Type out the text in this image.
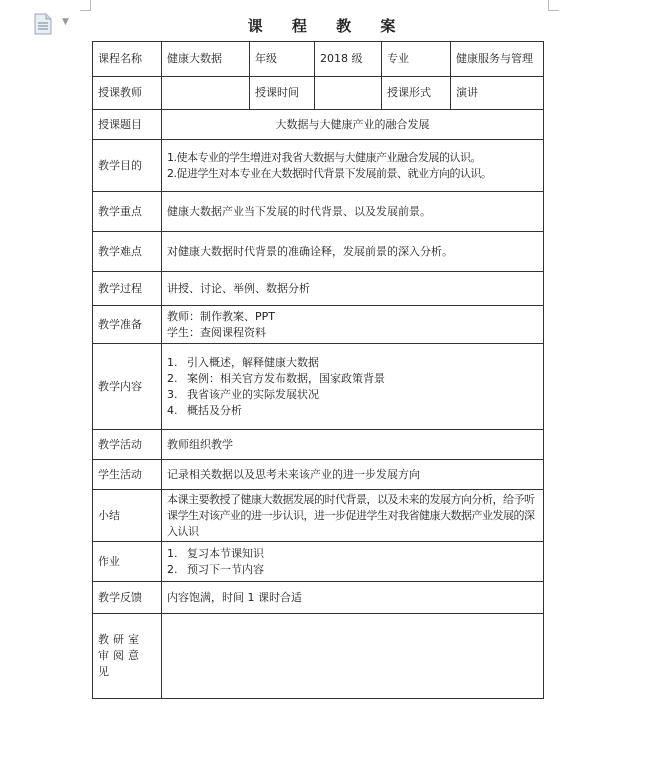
▼	课 程 教 案
课程名称	健康大数据	年级	2018 级	专业	健康服务与管理
授课教师		授课时间		授课形式	演讲
授课题目	大数据与大健康产业的融合发展				
教学目的	1.使本专业的学生增进对我省大数据与大健康产业融合发展的认识。
2.促进学生对本专业在大数据时代背景下发展前景、就业方向的认识。				

教学重点	健康大数据产业当下发展的时代背景、以及发展前景。				
教学难点	对健康大数据时代背景的准确诠释，发展前景的深入分析。				
教学过程	讲授、讨论、举例、数据分析				
教学准备	教师：制作教案、PPT
学生：查阅课程资料				

教学内容	1. 引入概述，解释健康大数据
2. 案例：相关官方发布数据，国家政策背景
3. 我省该产业的实际发展状况
4. 概括及分析				

教学活动	教师组织教学				
学生活动	记录相关数据以及思考未来该产业的进一步发展方向				
小结	本课主要教授了健康大数据发展的时代背景，以及未来的发展方向分析，给予听课学生对该产业的进一步认识，进一步促进学生对我省健康大数据产业发展的深入认识				
作业	1. 复习本节课知识
2. 预习下一节内容				

教学反馈	内容饱满，时间 1 课时合适				
教研室审阅意见					
